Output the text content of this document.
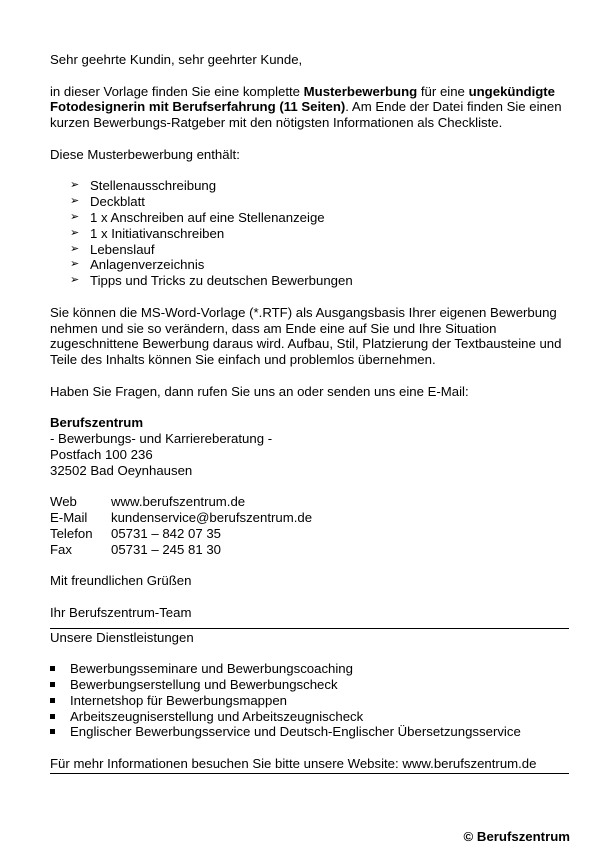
Sehr geehrte Kundin, sehr geehrter Kunde,

in dieser Vorlage finden Sie eine komplette Musterbewerbung für eine ungekündigte Fotodesignerin mit Berufserfahrung (11 Seiten). Am Ende der Datei finden Sie einen kurzen Bewerbungs-Ratgeber mit den nötigsten Informationen als Checkliste.

Diese Musterbewerbung enthält:

➢ Stellenausschreibung
➢ Deckblatt
➢ 1 x Anschreiben auf eine Stellenanzeige
➢ 1 x Initiativanschreiben
➢ Lebenslauf
➢ Anlagenverzeichnis
➢ Tipps und Tricks zu deutschen Bewerbungen

Sie können die MS-Word-Vorlage (*.RTF) als Ausgangsbasis Ihrer eigenen Bewerbung nehmen und sie so verändern, dass am Ende eine auf Sie und Ihre Situation zugeschnittene Bewerbung daraus wird. Aufbau, Stil, Platzierung der Textbausteine und Teile des Inhalts können Sie einfach und problemlos übernehmen.

Haben Sie Fragen, dann rufen Sie uns an oder senden uns eine E-Mail:

Berufszentrum

- Bewerbungs- und Karriereberatung -

Postfach 100 236

32502 Bad Oeynhausen

Web	www.berufszentrum.de
E-Mail	kundenservice@berufszentrum.de
Telefon	05731 – 842 07 35
Fax	05731 – 245 81 30

Mit freundlichen Grüßen

Ihr Berufszentrum-Team

Unsere Dienstleistungen

Bewerbungsseminare und Bewerbungscoaching
Bewerbungserstellung und Bewerbungscheck
Internetshop für Bewerbungsmappen
Arbeitszeugniserstellung und Arbeitszeugnischeck
Englischer Bewerbungsservice und Deutsch-Englischer Übersetzungsservice

Für mehr Informationen besuchen Sie bitte unsere Website: www.berufszentrum.de

© Berufszentrum
